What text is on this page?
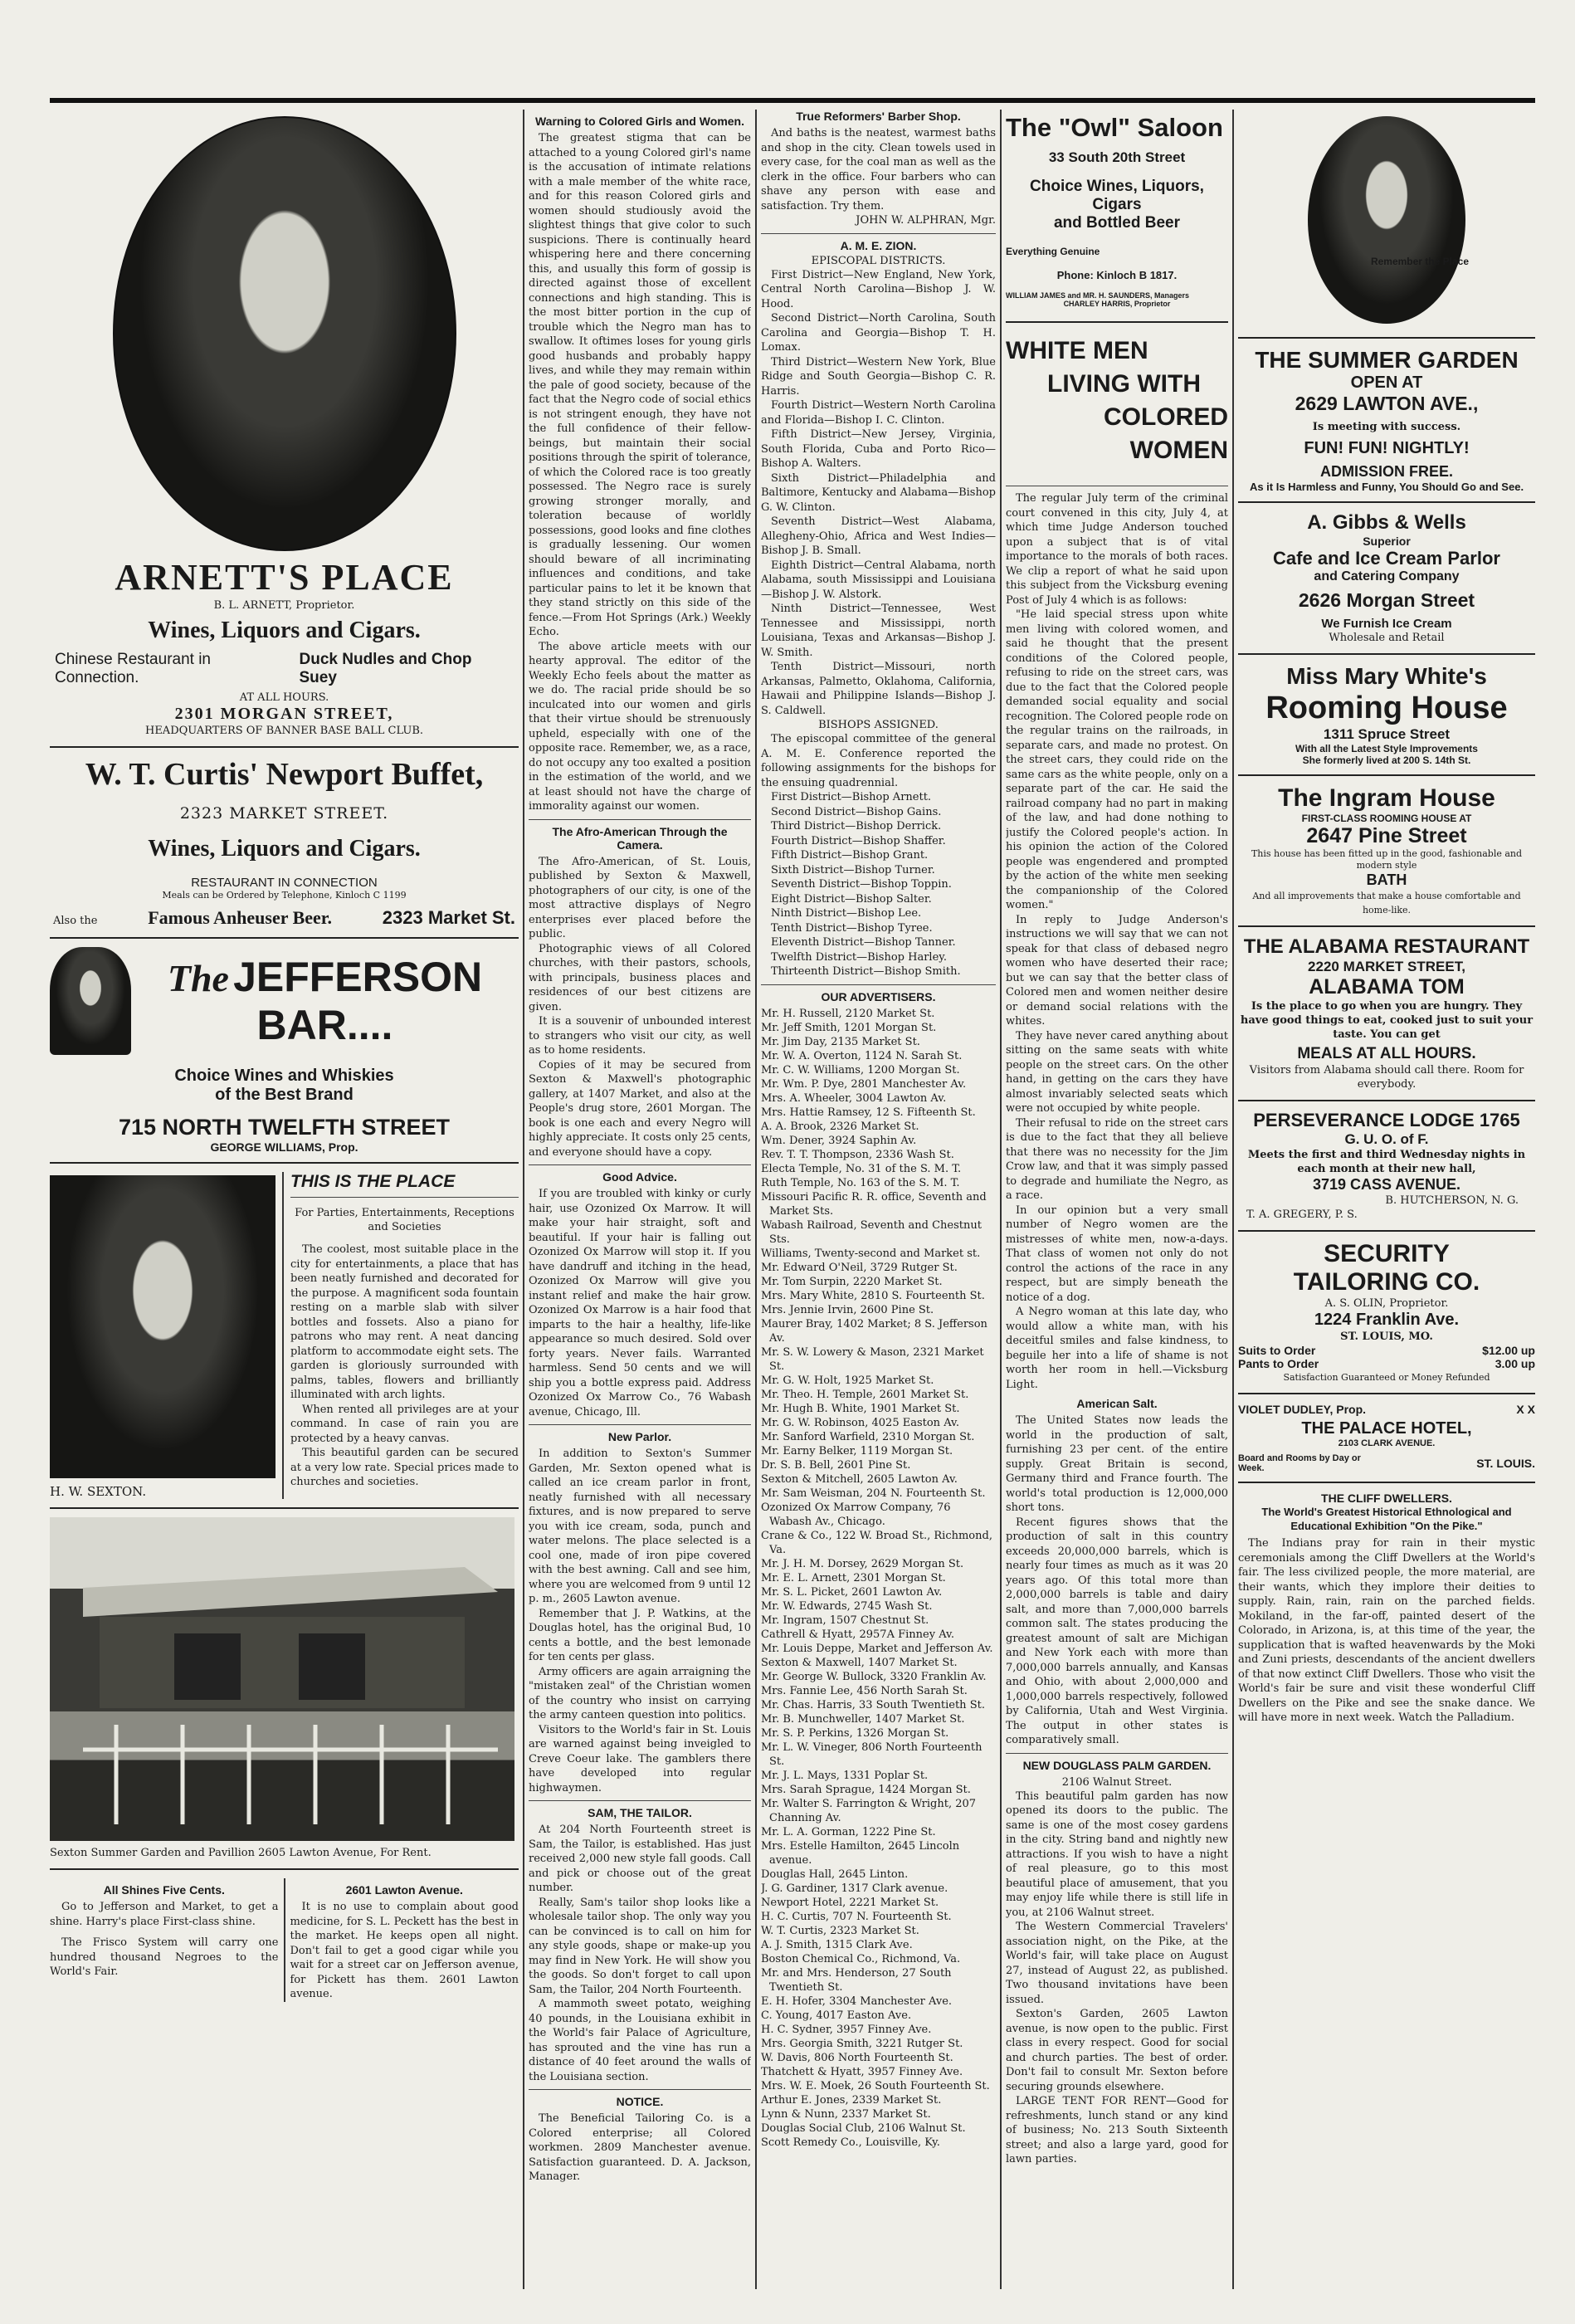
ARNETT'S PLACE
B. L. ARNETT, Proprietor.
Wines, Liquors and Cigars.
Chinese Restaurant in Connection.
Duck Nudles and Chop Suey
AT ALL HOURS.
2301 MORGAN STREET,
HEADQUARTERS OF BANNER BASE BALL CLUB.
W. T. Curtis' Newport Buffet,
2323 MARKET STREET.
Wines, Liquors and Cigars.
RESTAURANT IN CONNECTION
Meals can be Ordered by Telephone, Kinloch C 1199
Also the	Famous Anheuser Beer.	2323 Market St.
The JEFFERSON
BAR....
Choice Wines and Whiskies
of the Best Brand
715 NORTH TWELFTH STREET
GEORGE WILLIAMS, Prop.
H. W. SEXTON.
THIS IS THE PLACE
For Parties, Entertainments, Receptions and Societies
The coolest, most suitable place in the city for entertainments, a place that has been neatly furnished and decorated for the purpose. A magnificent soda fountain resting on a marble slab with silver bottles and fossets. Also a piano for patrons who may rent. A neat dancing platform to accommodate eight sets. The garden is gloriously surrounded with palms, tables, flowers and brilliantly illuminated with arch lights.
When rented all privileges are at your command. In case of rain you are protected by a heavy canvas.
This beautiful garden can be secured at a very low rate. Special prices made to churches and societies.
Sexton Summer Garden and Pavillion 2605 Lawton Avenue, For Rent.
All Shines Five Cents.
Go to Jefferson and Market, to get a shine. Harry's place First-class shine.
The Frisco System will carry one hundred thousand Negroes to the World's Fair.
2601 Lawton Avenue.
It is no use to complain about good medicine, for S. L. Peckett has the best in the market. He keeps open all night. Don't fail to get a good cigar while you wait for a street car on Jefferson avenue, for Pickett has them. 2601 Lawton avenue.
Warning to Colored Girls and Women.
The greatest stigma that can be attached to a young Colored girl's name is the accusation of intimate relations with a male member of the white race, and for this reason Colored girls and women should studiously avoid the slightest things that give color to such suspicions. There is continually heard whispering here and there concerning this, and usually this form of gossip is directed against those of excellent connections and high standing. This is the most bitter portion in the cup of trouble which the Negro man has to swallow. It oftimes loses for young girls good husbands and probably happy lives, and while they may remain within the pale of good society, because of the fact that the Negro code of social ethics is not stringent enough, they have not the full confidence of their fellow-beings, but maintain their social positions through the spirit of tolerance, of which the Colored race is too greatly possessed. The Negro race is surely growing stronger morally, and toleration because of worldly possessions, good looks and fine clothes is gradually lessening. Our women should beware of all incriminating influences and conditions, and take particular pains to let it be known that they stand strictly on this side of the fence.—From Hot Springs (Ark.) Weekly Echo.
The above article meets with our hearty approval. The editor of the Weekly Echo feels about the matter as we do. The racial pride should be so inculcated into our women and girls that their virtue should be strenuously upheld, especially with one of the opposite race. Remember, we, as a race, do not occupy any too exalted a position in the estimation of the world, and we at least should not have the charge of immorality against our women.
The Afro-American Through the Camera.
The Afro-American, of St. Louis, published by Sexton & Maxwell, photographers of our city, is one of the most attractive displays of Negro enterprises ever placed before the public.
Photographic views of all Colored churches, with their pastors, schools, with principals, business places and residences of our best citizens are given.
It is a souvenir of unbounded interest to strangers who visit our city, as well as to home residents.
Copies of it may be secured from Sexton & Maxwell's photographic gallery, at 1407 Market, and also at the People's drug store, 2601 Morgan. The book is one each and every Negro will highly appreciate. It costs only 25 cents, and everyone should have a copy.
Good Advice.
If you are troubled with kinky or curly hair, use Ozonized Ox Marrow. It will make your hair straight, soft and beautiful. If your hair is falling out Ozonized Ox Marrow will stop it. If you have dandruff and itching in the head, Ozonized Ox Marrow will give you instant relief and make the hair grow. Ozonized Ox Marrow is a hair food that imparts to the hair a healthy, life-like appearance so much desired. Sold over forty years. Never fails. Warranted harmless. Send 50 cents and we will ship you a bottle express paid. Address Ozonized Ox Marrow Co., 76 Wabash avenue, Chicago, Ill.
New Parlor.
In addition to Sexton's Summer Garden, Mr. Sexton opened what is called an ice cream parlor in front, neatly furnished with all necessary fixtures, and is now prepared to serve you with ice cream, soda, punch and water melons. The place selected is a cool one, made of iron pipe covered with the best awning. Call and see him, where you are welcomed from 9 until 12 p. m., 2605 Lawton avenue.
Remember that J. P. Watkins, at the Douglas hotel, has the original Bud, 10 cents a bottle, and the best lemonade for ten cents per glass.
Army officers are again arraigning the "mistaken zeal" of the Christian women of the country who insist on carrying the army canteen question into politics.
Visitors to the World's fair in St. Louis are warned against being inveigled to Creve Coeur lake. The gamblers there have developed into regular highwaymen.
SAM, THE TAILOR.
At 204 North Fourteenth street is Sam, the Tailor, is established. Has just received 2,000 new style fall goods. Call and pick or choose out of the great number.
Really, Sam's tailor shop looks like a wholesale tailor shop. The only way you can be convinced is to call on him for any style goods, shape or make-up you may find in New York. He will show you the goods. So don't forget to call upon Sam, the Tailor, 204 North Fourteenth.
A mammoth sweet potato, weighing 40 pounds, in the Louisiana exhibit in the World's fair Palace of Agriculture, has sprouted and the vine has run a distance of 40 feet around the walls of the Louisiana section.
NOTICE.
The Beneficial Tailoring Co. is a Colored enterprise; all Colored workmen. 2809 Manchester avenue. Satisfaction guaranteed. D. A. Jackson, Manager.
True Reformers' Barber Shop.
And baths is the neatest, warmest baths and shop in the city. Clean towels used in every case, for the coal man as well as the clerk in the office. Four barbers who can shave any person with ease and satisfaction. Try them.
JOHN W. ALPHRAN, Mgr.
A. M. E. ZION.
EPISCOPAL DISTRICTS.
First District—New England, New York, Central North Carolina—Bishop J. W. Hood.
Second District—North Carolina, South Carolina and Georgia—Bishop T. H. Lomax.
Third District—Western New York, Blue Ridge and South Georgia—Bishop C. R. Harris.
Fourth District—Western North Carolina and Florida—Bishop I. C. Clinton.
Fifth District—New Jersey, Virginia, South Florida, Cuba and Porto Rico—Bishop A. Walters.
Sixth District—Philadelphia and Baltimore, Kentucky and Alabama—Bishop G. W. Clinton.
Seventh District—West Alabama, Allegheny-Ohio, Africa and West Indies—Bishop J. B. Small.
Eighth District—Central Alabama, north Alabama, south Mississippi and Louisiana—Bishop J. W. Alstork.
Ninth District—Tennessee, West Tennessee and Mississippi, north Louisiana, Texas and Arkansas—Bishop J. W. Smith.
Tenth District—Missouri, north Arkansas, Palmetto, Oklahoma, California, Hawaii and Philippine Islands—Bishop J. S. Caldwell.
BISHOPS ASSIGNED.
The episcopal committee of the general A. M. E. Conference reported the following assignments for the bishops for the ensuing quadrennial.
First District—Bishop Arnett.
Second District—Bishop Gains.
Third District—Bishop Derrick.
Fourth District—Bishop Shaffer.
Fifth District—Bishop Grant.
Sixth District—Bishop Turner.
Seventh District—Bishop Toppin.
Eight District—Bishop Salter.
Ninth District—Bishop Lee.
Tenth District—Bishop Tyree.
Eleventh District—Bishop Tanner.
Twelfth District—Bishop Harley.
Thirteenth District—Bishop Smith.
OUR ADVERTISERS.
Mr. H. Russell, 2120 Market St.
Mr. Jeff Smith, 1201 Morgan St.
Mr. Jim Day, 2135 Market St.
Mr. W. A. Overton, 1124 N. Sarah St.
Mr. C. W. Williams, 1200 Morgan St.
Mr. Wm. P. Dye, 2801 Manchester Av.
Mrs. A. Wheeler, 3004 Lawton Av.
Mrs. Hattie Ramsey, 12 S. Fifteenth St.
A. A. Brook, 2326 Market St.
Wm. Dener, 3924 Saphin Av.
Rev. T. T. Thompson, 2336 Wash St.
Electa Temple, No. 31 of the S. M. T.
Ruth Temple, No. 163 of the S. M. T.
Missouri Pacific R. R. office, Seventh and Market Sts.
Wabash Railroad, Seventh and Chestnut Sts.
Williams, Twenty-second and Market st.
Mr. Edward O'Neil, 3729 Rutger St.
Mr. Tom Surpin, 2220 Market St.
Mrs. Mary White, 2810 S. Fourteenth St.
Mrs. Jennie Irvin, 2600 Pine St.
Maurer Bray, 1402 Market; 8 S. Jefferson Av.
Mr. S. W. Lowery & Mason, 2321 Market St.
Mr. G. W. Holt, 1925 Market St.
Mr. Theo. H. Temple, 2601 Market St.
Mr. Hugh B. White, 1901 Market St.
Mr. G. W. Robinson, 4025 Easton Av.
Mr. Sanford Warfield, 2310 Morgan St.
Mr. Earny Belker, 1119 Morgan St.
Dr. S. B. Bell, 2601 Pine St.
Sexton & Mitchell, 2605 Lawton Av.
Mr. Sam Weisman, 204 N. Fourteenth St.
Ozonized Ox Marrow Company, 76 Wabash Av., Chicago.
Crane & Co., 122 W. Broad St., Richmond, Va.
Mr. J. H. M. Dorsey, 2629 Morgan St.
Mr. E. L. Arnett, 2301 Morgan St.
Mr. S. L. Picket, 2601 Lawton Av.
Mr. W. Edwards, 2745 Wash St.
Mr. Ingram, 1507 Chestnut St.
Cathrell & Hyatt, 2957A Finney Av.
Mr. Louis Deppe, Market and Jefferson Av.
Sexton & Maxwell, 1407 Market St.
Mr. George W. Bullock, 3320 Franklin Av.
Mrs. Fannie Lee, 456 North Sarah St.
Mr. Chas. Harris, 33 South Twentieth St.
Mr. B. Munchweller, 1407 Market St.
Mr. S. P. Perkins, 1326 Morgan St.
Mr. L. W. Vineger, 806 North Fourteenth St.
Mr. J. L. Mays, 1331 Poplar St.
Mrs. Sarah Sprague, 1424 Morgan St.
Mr. Walter S. Farrington & Wright, 207 Channing Av.
Mr. L. A. Gorman, 1222 Pine St.
Mrs. Estelle Hamilton, 2645 Lincoln avenue.
Douglas Hall, 2645 Linton.
J. G. Gardiner, 1317 Clark avenue.
Newport Hotel, 2221 Market St.
H. C. Curtis, 707 N. Fourteenth St.
W. T. Curtis, 2323 Market St.
A. J. Smith, 1315 Clark Ave.
Boston Chemical Co., Richmond, Va.
Mr. and Mrs. Henderson, 27 South Twentieth St.
E. H. Hofer, 3304 Manchester Ave.
C. Young, 4017 Easton Ave.
H. C. Sydner, 3957 Finney Ave.
Mrs. Georgia Smith, 3221 Rutger St.
W. Davis, 806 North Fourteenth St.
Thatchett & Hyatt, 3957 Finney Ave.
Mrs. W. E. Moek, 26 South Fourteenth St.
Arthur E. Jones, 2339 Market St.
Lynn & Nunn, 2337 Market St.
Douglas Social Club, 2106 Walnut St.
Scott Remedy Co., Louisville, Ky.
The "Owl" Saloon
33 South 20th Street
Choice Wines, Liquors, Cigars
and Bottled Beer
Everything Genuine
Phone: Kinloch B 1817.
WILLIAM JAMES and MR. H. SAUNDERS, Managers
CHARLEY HARRIS, Proprietor
WHITE MEN
LIVING WITH
COLORED WOMEN
The regular July term of the criminal court convened in this city, July 4, at which time Judge Anderson touched upon a subject that is of vital importance to the morals of both races. We clip a report of what he said upon this subject from the Vicksburg evening Post of July 4 which is as follows:
"He laid special stress upon white men living with colored women, and said he thought that the present conditions of the Colored people, refusing to ride on the street cars, was due to the fact that the Colored people demanded social equality and social recognition. The Colored people rode on the regular trains on the railroads, in separate cars, and made no protest. On the street cars, they could ride on the same cars as the white people, only on a separate part of the car. He said the railroad company had no part in making of the law, and had done nothing to justify the Colored people's action. In his opinion the action of the Colored people was engendered and prompted by the action of the white men seeking the companionship of the Colored women."
In reply to Judge Anderson's instructions we will say that we can not speak for that class of debased negro women who have deserted their race; but we can say that the better class of Colored men and women neither desire or demand social relations with the whites.
They have never cared anything about sitting on the same seats with white people on the street cars. On the other hand, in getting on the cars they have almost invariably selected seats which were not occupied by white people.
Their refusal to ride on the street cars is due to the fact that they all believe that there was no necessity for the Jim Crow law, and that it was simply passed to degrade and humiliate the Negro, as a race.
In our opinion but a very small number of Negro women are the mistresses of white men, now-a-days. That class of women not only do not control the actions of the race in any respect, but are simply beneath the notice of a dog.
A Negro woman at this late day, who would allow a white man, with his deceitful smiles and false kindness, to beguile her into a life of shame is not worth her room in hell.—Vicksburg Light.
American Salt.
The United States now leads the world in the production of salt, furnishing 23 per cent. of the entire supply. Great Britain is second, Germany third and France fourth. The world's total production is 12,000,000 short tons.
Recent figures shows that the production of salt in this country exceeds 20,000,000 barrels, which is nearly four times as much as it was 20 years ago. Of this total more than 2,000,000 barrels is table and dairy salt, and more than 7,000,000 barrels common salt. The states producing the greatest amount of salt are Michigan and New York each with more than 7,000,000 barrels annually, and Kansas and Ohio, with about 2,000,000 and 1,000,000 barrels respectively, followed by California, Utah and West Virginia. The output in other states is comparatively small.
NEW DOUGLASS PALM GARDEN.
2106 Walnut Street.
This beautiful palm garden has now opened its doors to the public. The same is one of the most cosey gardens in the city. String band and nightly new attractions. If you wish to have a night of real pleasure, go to this most beautiful place of amusement, that you may enjoy life while there is still life in you, at 2106 Walnut street.
The Western Commercial Travelers' association night, on the Pike, at the World's fair, will take place on August 27, instead of August 22, as published. Two thousand invitations have been issued.
Sexton's Garden, 2605 Lawton avenue, is now open to the public. First class in every respect. Good for social and church parties. The best of order. Don't fail to consult Mr. Sexton before securing grounds elsewhere.
LARGE TENT FOR RENT—Good for refreshments, lunch stand or any kind of business; No. 213 South Sixteenth street; and also a large yard, good for lawn parties.
Remember the Place
THE SUMMER GARDEN
OPEN AT
2629 LAWTON AVE.,
Is meeting with success.
FUN! FUN! NIGHTLY!
ADMISSION FREE.
As it Is Harmless and Funny, You Should Go and See.
A. Gibbs & Wells
Superior
Cafe and Ice Cream Parlor
and Catering Company
2626 Morgan Street
We Furnish Ice Cream
Wholesale and Retail
Miss Mary White's
Rooming House
1311 Spruce Street
With all the Latest Style Improvements
She formerly lived at 200 S. 14th St.
The Ingram House
FIRST-CLASS ROOMING HOUSE AT
2647 Pine Street
This house has been fitted up in the good, fashionable and modern style
BATH
And all improvements that make a house comfortable and home-like.
THE ALABAMA RESTAURANT
2220 MARKET STREET,
ALABAMA TOM
Is the place to go when you are hungry. They have good things to eat, cooked just to suit your taste. You can get
MEALS AT ALL HOURS.
Visitors from Alabama should call there. Room for everybody.
PERSEVERANCE LODGE 1765
G. U. O. of F.
Meets the first and third Wednesday nights in each month at their new hall,
3719 CASS AVENUE.
B. HUTCHERSON, N. G.
T. A. GREGERY, P. S.
SECURITY
TAILORING CO.
A. S. OLIN, Proprietor.
1224 Franklin Ave.
ST. LOUIS, MO.
Suits to Order	$12.00 up
Pants to Order	3.00 up
Satisfaction Guaranteed or Money Refunded
VIOLET DUDLEY, Prop.	X X
THE PALACE HOTEL,
2103 CLARK AVENUE.
Board and Rooms by Day or Week.	ST. LOUIS.
THE CLIFF DWELLERS.
The World's Greatest Historical Ethnological and Educational Exhibition "On the Pike."
The Indians pray for rain in their mystic ceremonials among the Cliff Dwellers at the World's fair. The less civilized people, the more material, are their wants, which they implore their deities to supply. Rain, rain, rain on the parched fields. Mokiland, in the far-off, painted desert of the Colorado, in Arizona, is, at this time of the year, the supplication that is wafted heavenwards by the Moki and Zuni priests, descendants of the ancient dwellers of that now extinct Cliff Dwellers. Those who visit the World's fair be sure and visit these wonderful Cliff Dwellers on the Pike and see the snake dance. We will have more in next week. Watch the Palladium.
